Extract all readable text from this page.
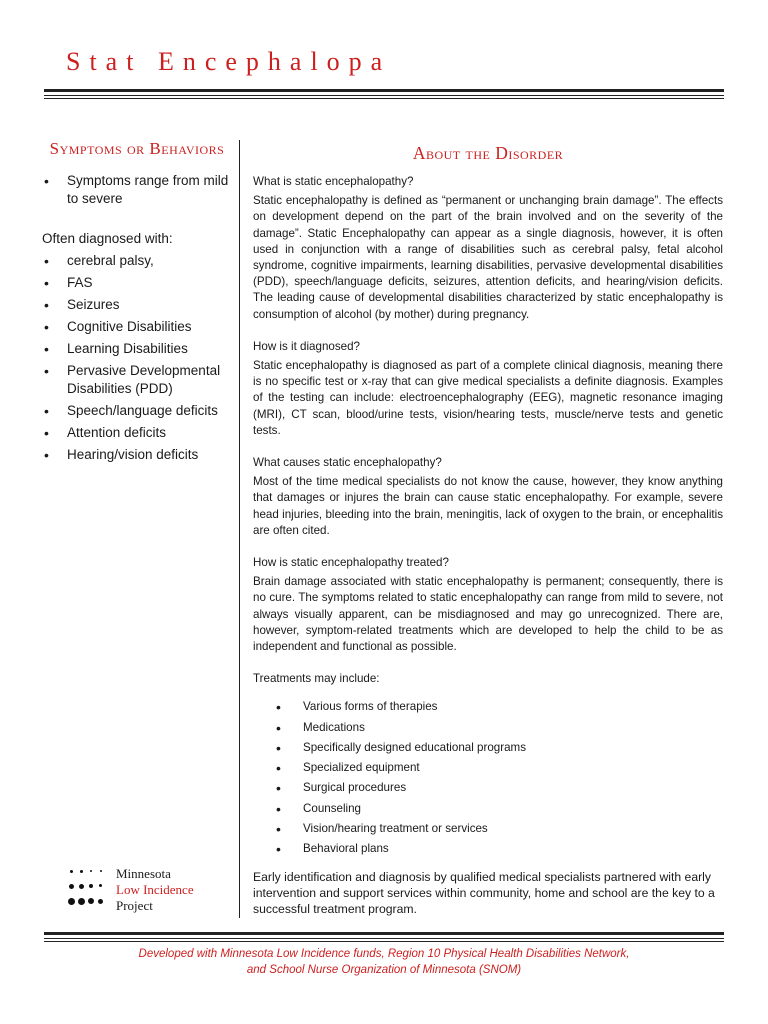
Stat Encephalopa
Symptoms or Behaviors
• Symptoms range from mild to severe
Often diagnosed with:
• cerebral palsy,
• FAS
• Seizures
• Cognitive Disabilities
• Learning Disabilities
• Pervasive Developmental Disabilities (PDD)
• Speech/language deficits
• Attention deficits
• Hearing/vision deficits
About the Disorder

What is static encephalopathy?

Static encephalopathy is defined as “permanent or unchanging brain damage”. The effects on development depend on the part of the brain involved and on the severity of the damage”. Static Encephalopathy can appear as a single diagnosis, however, it is often used in conjunction with a range of disabilities such as cerebral palsy, fetal alcohol syndrome, cognitive impairments, learning disabilities, pervasive developmental disabilities (PDD), speech/language deficits, seizures, attention deficits, and hearing/vision deficits. The leading cause of developmental disabilities characterized by static encephalopathy is consumption of alcohol (by mother) during pregnancy.

How is it diagnosed?

Static encephalopathy is diagnosed as part of a complete clinical diagnosis, meaning there is no specific test or x-ray that can give medical specialists a definite diagnosis. Examples of the testing can include: electroencephalography (EEG), magnetic resonance imaging (MRI), CT scan, blood/urine tests, vision/hearing tests, muscle/nerve tests and genetic tests.

What causes static encephalopathy?

Most of the time medical specialists do not know the cause, however, they know anything that damages or injures the brain can cause static encephalopathy. For example, severe head injuries, bleeding into the brain, meningitis, lack of oxygen to the brain, or encephalitis are often cited.

How is static encephalopathy treated?

Brain damage associated with static encephalopathy is permanent; consequently, there is no cure. The symptoms related to static encephalopathy can range from mild to severe, not always visually apparent, can be misdiagnosed and may go unrecognized. There are, however, symptom-related treatments which are developed to help the child to be as independent and functional as possible.

Treatments may include:

• Various forms of therapies
• Medications
• Specifically designed educational programs
• Specialized equipment
• Surgical procedures
• Counseling
• Vision/hearing treatment or services
• Behavioral plans

Early identification and diagnosis by qualified medical specialists partnered with early intervention and support services within community, home and school are the key to a successful treatment program.

Minnesota
Low Incidence
Project
Developed with Minnesota Low Incidence funds, Region 10 Physical Health Disabilities Network,
and School Nurse Organization of Minnesota (SNOM)
